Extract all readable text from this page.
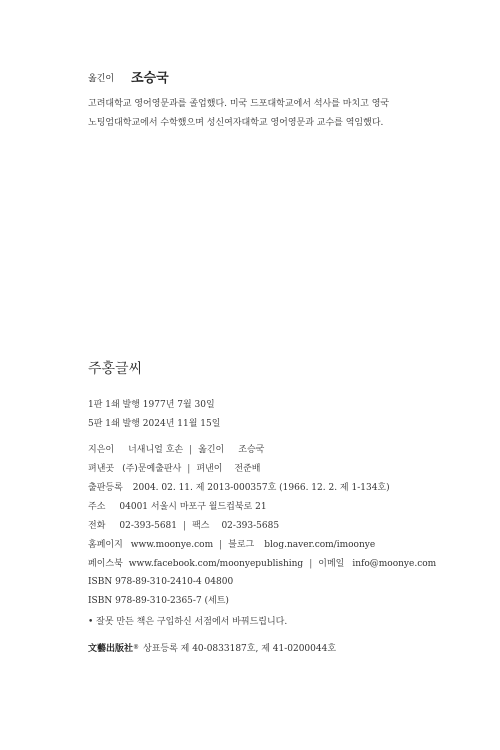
옮긴이 조승국
고려대학교 영어영문과를 졸업했다. 미국 드포대학교에서 석사를 마치고 영국
노팅엄대학교에서 수학했으며 성신여자대학교 영어영문과 교수를 역임했다.
주홍글씨
1판 1쇄 발행 1977년 7월 30일
5판 1쇄 발행 2024년 11월 15일
지은이 너새니얼 호손 | 옮긴이 조승국
펴낸곳 (주)문예출판사 | 펴낸이 전준배
출판등록 2004. 02. 11. 제 2013-000357호 (1966. 12. 2. 제 1-134호)
주소 04001 서울시 마포구 월드컵북로 21
전화 02-393-5681 | 팩스 02-393-5685
홈페이지 www.moonye.com | 블로그 blog.naver.com/imoonye
페이스북 www.facebook.com/moonyepublishing | 이메일 info@moonye.com
ISBN 978-89-310-2410-4 04800
ISBN 978-89-310-2365-7 (세트)
• 잘못 만든 책은 구입하신 서점에서 바꿔드립니다.
文藝出版社 ® 상표등록 제 40-0833187호, 제 41-0200044호
